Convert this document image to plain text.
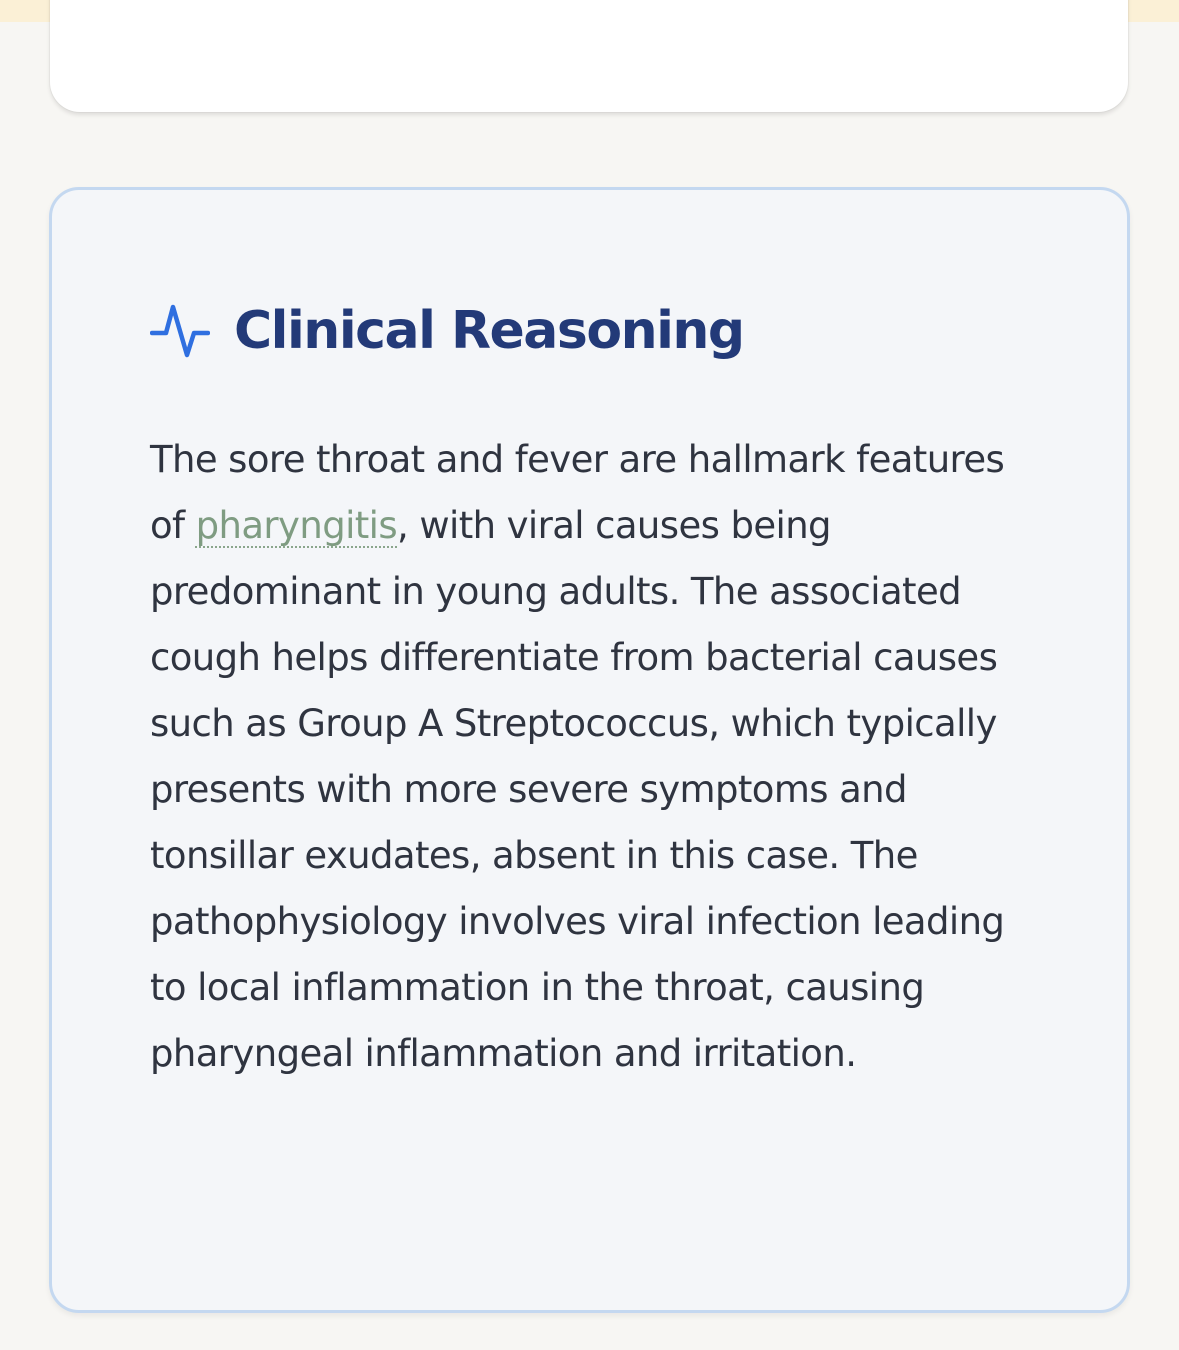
Clinical Reasoning
The sore throat and fever are hallmark features of pharyngitis, with viral causes being predominant in young adults. The associated cough helps differentiate from bacterial causes such as Group A Streptococcus, which typically presents with more severe symptoms and tonsillar exudates, absent in this case. The pathophysiology involves viral infection leading to local inflammation in the throat, causing pharyngeal inflammation and irritation.
